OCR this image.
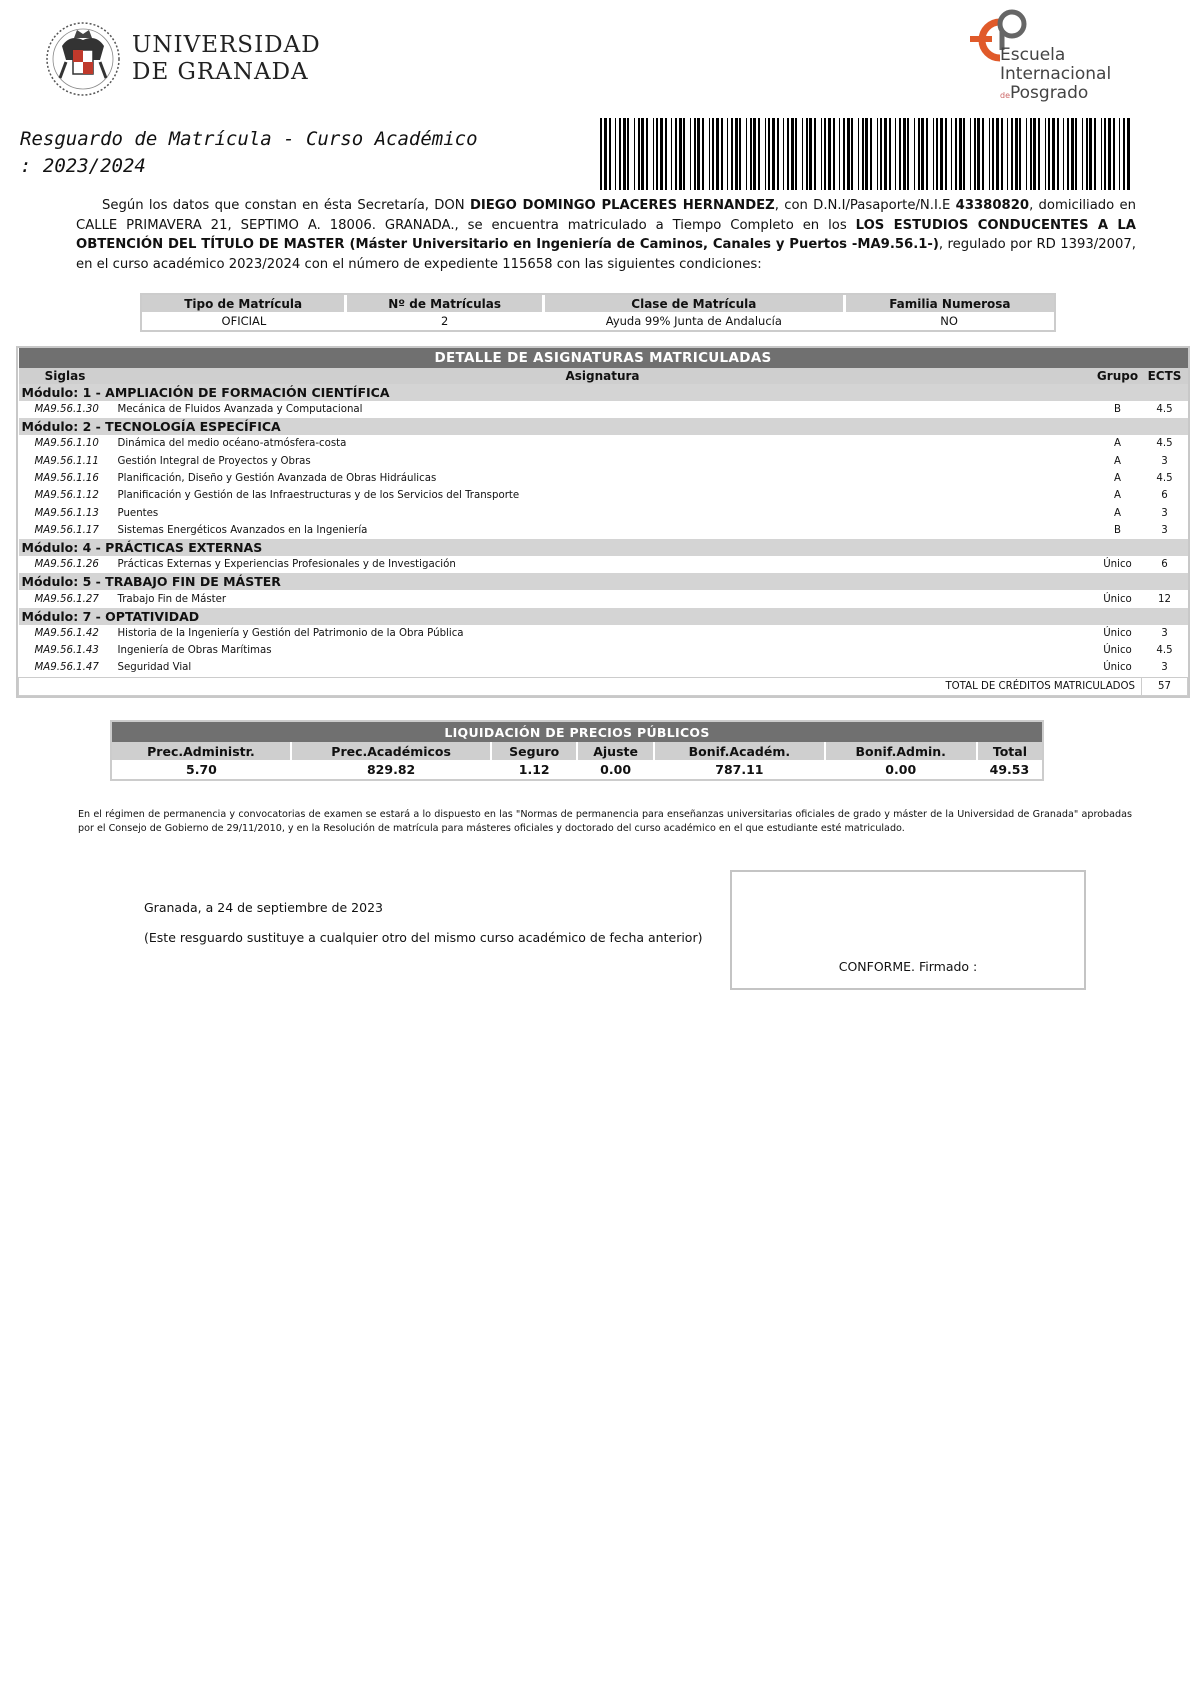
UNIVERSIDAD
DE GRANADA
Escuela
Internacional
dePosgrado
Resguardo de Matrícula - Curso Académico : 2023/2024
Según los datos que constan en ésta Secretaría, DON DIEGO DOMINGO PLACERES HERNANDEZ, con D.N.I/Pasaporte/N.I.E 43380820, domiciliado en CALLE PRIMAVERA 21, SEPTIMO A. 18006. GRANADA., se encuentra matriculado a Tiempo Completo en los LOS ESTUDIOS CONDUCENTES A LA OBTENCIÓN DEL TÍTULO DE MASTER (Máster Universitario en Ingeniería de Caminos, Canales y Puertos -MA9.56.1-), regulado por RD 1393/2007, en el curso académico 2023/2024 con el número de expediente 115658 con las siguientes condiciones:
Tipo de Matrícula	Nº de Matrículas	Clase de Matrícula	Familia Numerosa
OFICIAL	2	Ayuda 99% Junta de Andalucía	NO
DETALLE DE ASIGNATURAS MATRICULADAS			
Siglas	Asignatura	Grupo	ECTS
Módulo: 1 - AMPLIACIÓN DE FORMACIÓN CIENTÍFICA			
MA9.56.1.30	Mecánica de Fluidos Avanzada y Computacional	B	4.5
Módulo: 2 - TECNOLOGÍA ESPECÍFICA			
MA9.56.1.10	Dinámica del medio océano-atmósfera-costa	A	4.5
MA9.56.1.11	Gestión Integral de Proyectos y Obras	A	3
MA9.56.1.16	Planificación, Diseño y Gestión Avanzada de Obras Hidráulicas	A	4.5
MA9.56.1.12	Planificación y Gestión de las Infraestructuras y de los Servicios del Transporte	A	6
MA9.56.1.13	Puentes	A	3
MA9.56.1.17	Sistemas Energéticos Avanzados en la Ingeniería	B	3
Módulo: 4 - PRÁCTICAS EXTERNAS			
MA9.56.1.26	Prácticas Externas y Experiencias Profesionales y de Investigación	Único	6
Módulo: 5 - TRABAJO FIN DE MÁSTER			
MA9.56.1.27	Trabajo Fin de Máster	Único	12
Módulo: 7 - OPTATIVIDAD			
MA9.56.1.42	Historia de la Ingeniería y Gestión del Patrimonio de la Obra Pública	Único	3
MA9.56.1.43	Ingeniería de Obras Marítimas	Único	4.5
MA9.56.1.47	Seguridad Vial	Único	3
TOTAL DE CRÉDITOS MATRICULADOS			57
LIQUIDACIÓN DE PRECIOS PÚBLICOS						
Prec.Administr.	Prec.Académicos	Seguro	Ajuste	Bonif.Académ.	Bonif.Admin.	Total
5.70	829.82	1.12	0.00	787.11	0.00	49.53
En el régimen de permanencia y convocatorias de examen se estará a lo dispuesto en las "Normas de permanencia para enseñanzas universitarias oficiales de grado y máster de la Universidad de Granada" aprobadas por el Consejo de Gobierno de 29/11/2010, y en la Resolución de matrícula para másteres oficiales y doctorado del curso académico en el que estudiante esté matriculado.
Granada, a 24 de septiembre de 2023
(Este resguardo sustituye a cualquier otro del mismo curso académico de fecha anterior)
CONFORME. Firmado :
